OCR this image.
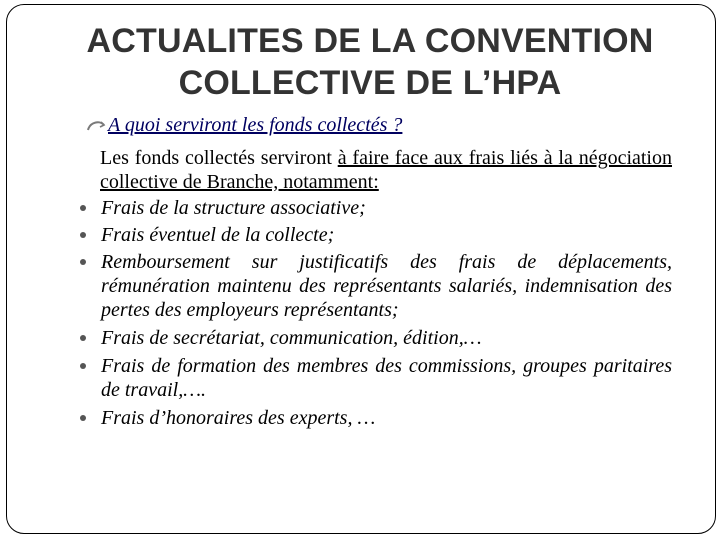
ACTUALITES DE LA CONVENTION
COLLECTIVE DE L’HPA
A quoi serviront les fonds collectés ?

Les fonds collectés serviront à faire face aux frais liés à la négociation collective de Branche, notamment:

Frais de la structure associative;
Frais éventuel de la collecte;
Remboursement sur justificatifs des frais de déplacements, rémunération maintenu des représentants salariés, indemnisation des pertes des employeurs représentants;
Frais de secrétariat, communication, édition,…
Frais de formation des membres des commissions, groupes paritaires de travail,….
Frais d’honoraires des experts, …
